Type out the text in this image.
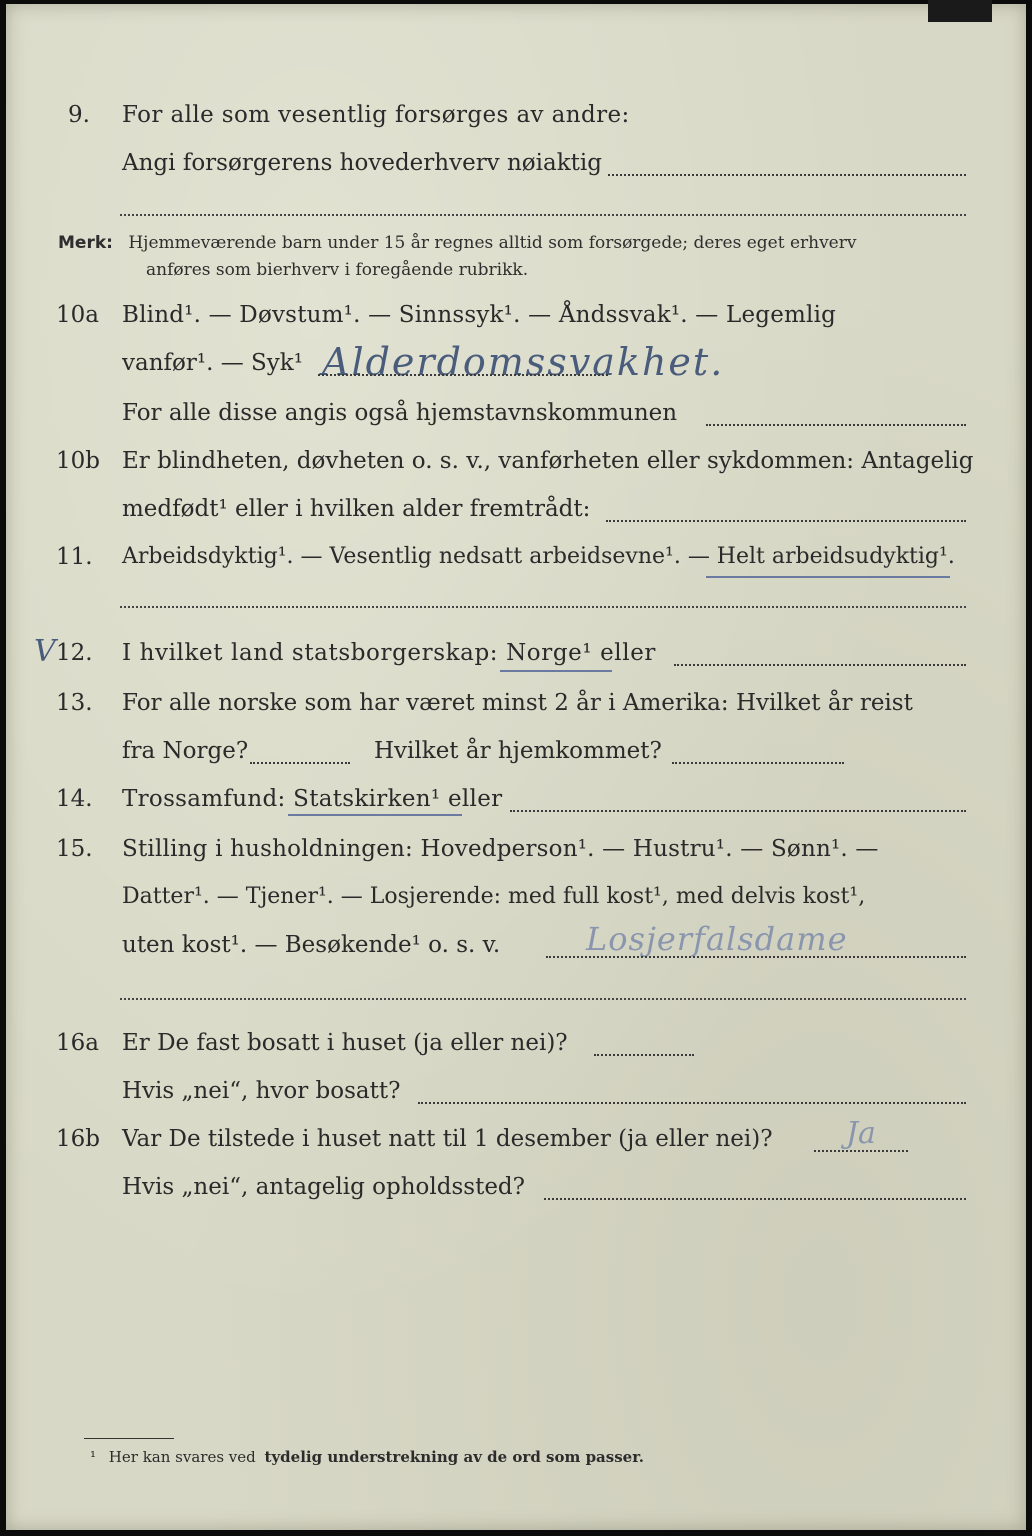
9. For alle som vesentlig forsørges av andre:
Angi forsørgerens hovederhverv nøiaktig
Merk: Hjemmeværende barn under 15 år regnes alltid som forsørgede; deres eget erhverv
anføres som bierhverv i foregående rubrikk.
10a Blind¹. — Døvstum¹. — Sinnssyk¹. — Åndssvak¹. — Legemlig
vanfør¹. — Syk¹ Alderdomssvakhet.
For alle disse angis også hjemstavnskommunen
10b Er blindheten, døvheten o. s. v., vanførheten eller sykdommen: Antagelig
medfødt¹ eller i hvilken alder fremtrådt:
11. Arbeidsdyktig¹. — Vesentlig nedsatt arbeidsevne¹. — Helt arbeidsudyktig¹.
V 12. I hvilket land statsborgerskap: Norge¹ eller
13. For alle norske som har været minst 2 år i Amerika: Hvilket år reist
fra Norge?	Hvilket år hjemkommet?
14. Trossamfund: Statskirken¹ eller
15. Stilling i husholdningen: Hovedperson¹. — Hustru¹. — Sønn¹. —
Datter¹. — Tjener¹. — Losjerende: med full kost¹, med delvis kost¹,
uten kost¹. — Besøkende¹ o. s. v.	Losjerfalsdame
16a Er De fast bosatt i huset (ja eller nei)?
Hvis „nei“, hvor bosatt?
16b Var De tilstede i huset natt til 1 desember (ja eller nei)? Ja
Hvis „nei“, antagelig opholdssted?
¹ Her kan svares ved tydelig understrekning av de ord som passer.
